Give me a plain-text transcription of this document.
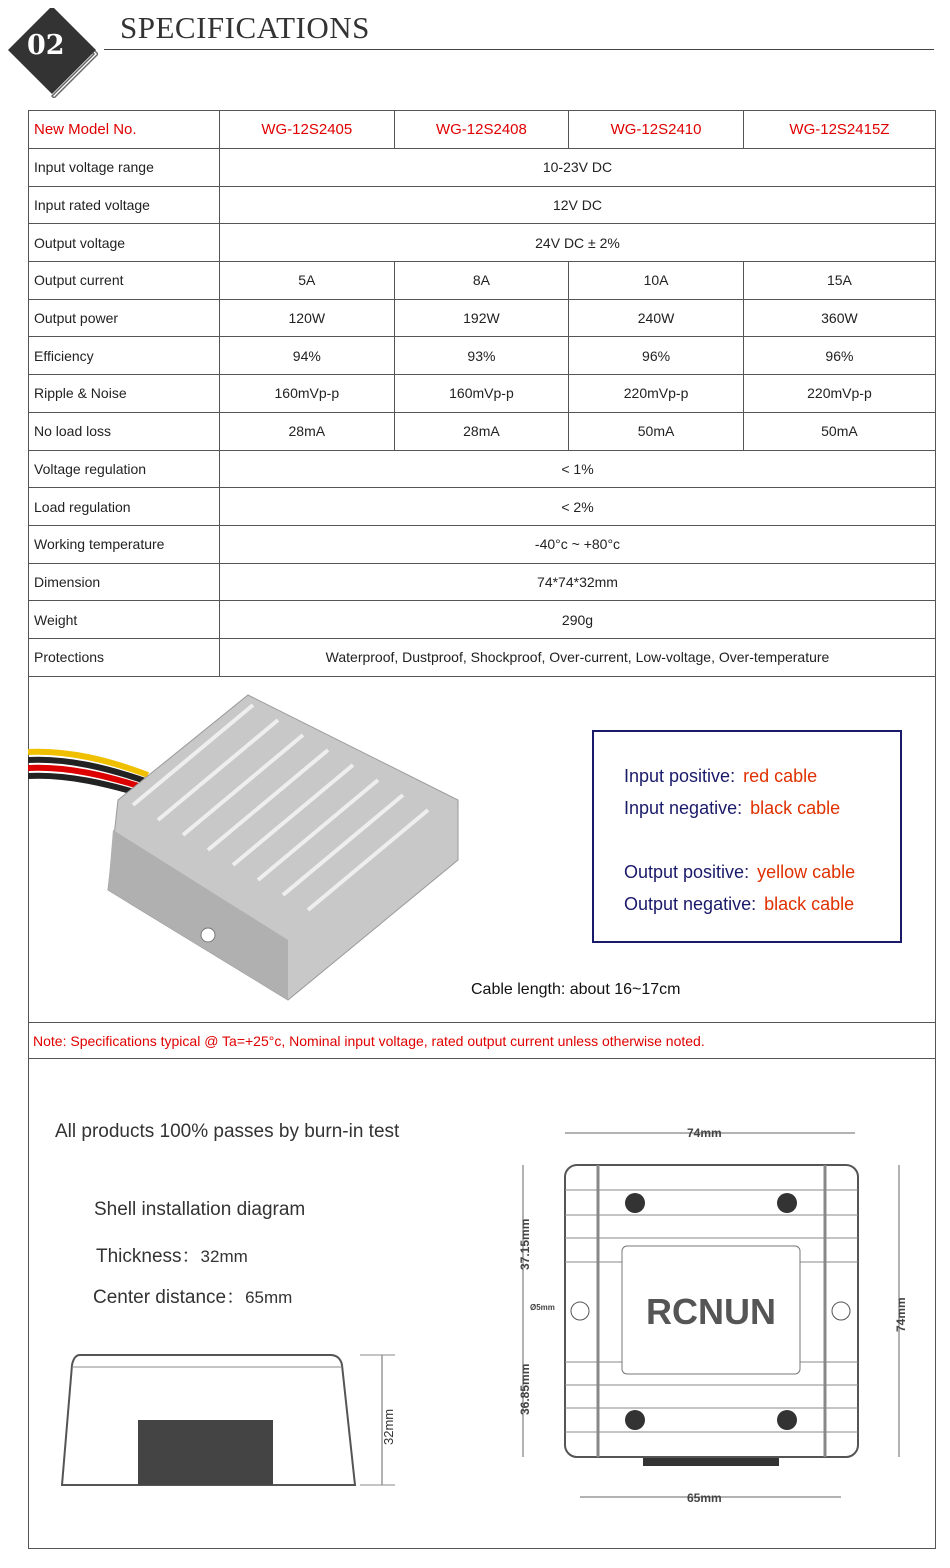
02
SPECIFICATIONS
New Model No.	WG-12S2405	WG-12S2408	WG-12S2410	WG-12S2415Z
Input voltage range	10-23V DC			
Input rated voltage	12V DC			
Output voltage	24V DC ± 2%			
Output current	5A	8A	10A	15A
Output power	120W	192W	240W	360W
Efficiency	94%	93%	96%	96%
Ripple & Noise	160mVp-p	160mVp-p	220mVp-p	220mVp-p
No load loss	28mA	28mA	50mA	50mA
Voltage regulation	< 1%			
Load regulation	< 2%			
Working temperature	-40°c ~ +80°c			
Dimension	74*74*32mm			
Weight	290g			
Protections	Waterproof, Dustproof, Shockproof, Over-current, Low-voltage, Over-temperature			
Input positive: red cable
Input negative: black cable
Output positive: yellow cable
Output negative: black cable
Cable length: about 16~17cm
Note: Specifications typical @ Ta=+25°c, Nominal input voltage, rated output current unless otherwise noted.
All products 100% passes by burn-in test
Shell installation diagram
Thickness：32mm
Center distance：65mm
32mm
74mm
RCNUN
65mm
37.15mm
36.85mm
Ø5mm	74mm
